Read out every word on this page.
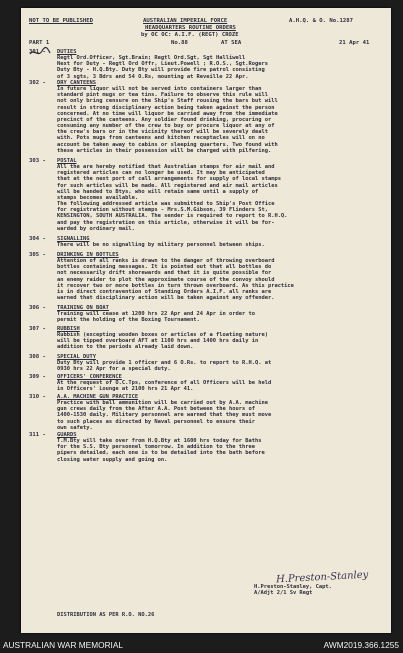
NOT TO BE PUBLISHED	A.H.Q. & O. No.1287
AUSTRALIAN IMPERIAL FORCE
HEADQUARTERS ROUTINE ORDERS
by OC OC: A.I.F. (REGT) CROZE
PART 1	No.88	AT SEA	21 Apr 41
301 - DUTIES
Regtl Ord.Officer, Sgt.Brain; Regtl Ord.Sgt, Sgt Halliwell
Next for Duty - Regtl Ord Offr, Lieut.Powell ; R.O.S., Sgt.Rogers
Duty Bty - H.Q.Bty. Duty Bty will provide fire patrol consisting
of 3 sgts, 3 Bdrs and 54 O.Rs, mounting at Reveille 22 Apr.
302 - DRY CANTEENS
In future liquor will not be served into containers larger than
standard pint mugs or tea tins. Failure to observe this rule will
not only bring censure on the Ship's Staff rousing the bars but will
result in strong disciplinary action being taken against the person
concerned. At no time will liquor be carried away from the immediate
precinct of the canteens. Any soldier found drinking, procuring or
consuming any number of the crew to buy or procure liquor at any of
the crew's bars or in the vicinity thereof will be severely dealt
with. Pots mugs from canteens and kitchen receptacles will on no
account be taken away to cabins or sleeping quarters. Two found with
these articles in their possession will be charged with pilfering.
303 - POSTAL
All the are hereby notified that Australian stamps for air mail and
registered articles can no longer be used. It may be anticipated
that at the next port of call arrangements for supply of local stamps
for such articles will be made. All registered and air mail articles
will be handed to Btys, who will retain same until a supply of
stamps becomes available.
The following addressed article was submitted to Ship's Post Office
for registration without stamps - Mrs.S.M.Gibson, 39 Flinders St,
KENSINGTON, SOUTH AUSTRALIA. The sender is required to report to R.H.Q.
and pay the registration on this article, otherwise it will be for-
warded by ordinary mail.
304 - SIGNALLING
There will be no signalling by military personnel between ships.
305 - DRINKING IN BOTTLES
Attention of all ranks is drawn to the danger of throwing overboard
bottles containing messages. It is pointed out that all bottles do
not necessarily drift shorewards and that it is quite possible for
an enemy raider to plot the approximate course of the convoy should
it recover two or more bottles in turn thrown overboard. As this practice
is in direct contravention of Standing Orders A.I.F. all ranks are
warned that disciplinary action will be taken against any offender.
306 - TRAINING ON BOAT
Training will cease at 1200 hrs 22 Apr and 24 Apr in order to
permit the holding of the Boxing Tournament.
307 - RUBBISH
Rubbish (excepting wooden boxes or articles of a floating nature)
will be tipped overboard AFT at 1100 hrs and 1400 hrs daily in
addition to the periods already laid down.
308 - SPECIAL DUTY
Duty Bty will provide 1 officer and 6 O.Rs. to report to R.H.Q. at
0930 hrs 22 Apr for a special duty.
309 - OFFICERS' CONFERENCE
At the request of O.C.Tps, conference of all Officers will be held
in Officers' Lounge at 2100 hrs 21 Apr 41.
310 - A.A. MACHINE GUN PRACTICE
Practice with ball ammunition will be carried out by A.A. machine
gun crews daily from the After A.A. Post between the hours of
1400-1530 daily. Military personnel are warned that they must move
to such places as directed by Naval personnel to ensure their
own safety.
311 - GUARDS
T.M.Bty will take over from H.Q.Bty at 1600 hrs today for Baths
for the S.S. Bty personnel tomorrow. In addition to the three
pipers detailed, each one is to be detailed into the bath before
closing water supply and going on.
H.Preston-Stanley
H.Preston-Stanley, Capt.
A/Adjt 2/1 Sv Regt
DISTRIBUTION AS PER R.O. NO.26
AUSTRALIAN WAR MEMORIAL	AWM2019.366.1255
